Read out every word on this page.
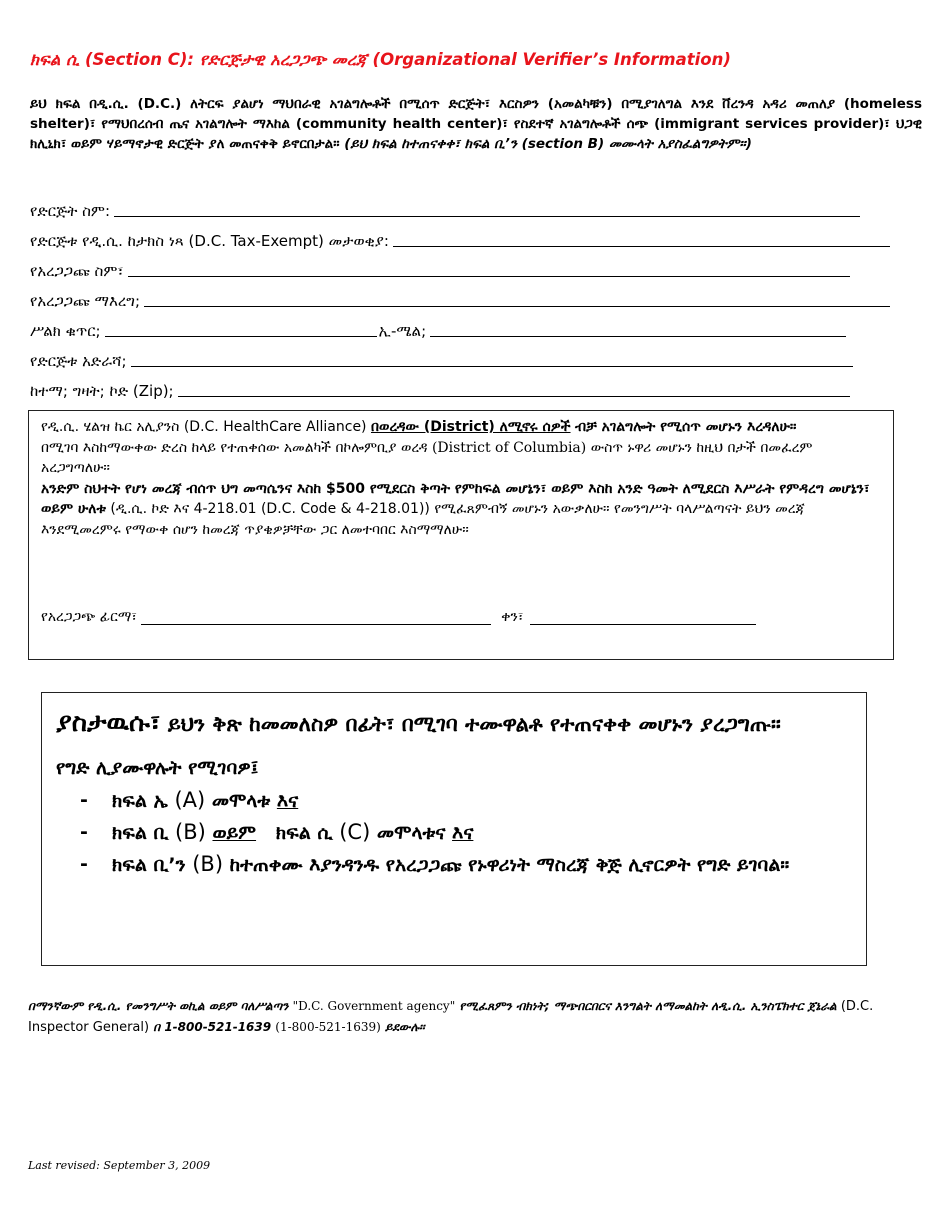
ክፍል ሲ (Section C): የድርጅታዊ አረጋጋጭ መረጃ (Organizational Verifier’s Information)
ይህ ክፍል በዲ.ሲ. (D.C.) ለትርፍ ያልሆነ ማህበራዊ አገልግሎቶች በሚሰጥ ድርጅት፣ እርስዎን (አመልካቹን) በሚያገለግል እንደ ቨረንዳ አዳሪ መጠለያ (homeless shelter)፣ የማህበረሰብ ጤና አገልግሎት ማእከል (community health center)፣ የስደተኛ አገልግሎቶች ሰጭ (immigrant services provider)፣ ህጋዊ ክሊኒክ፣ ወይም ሃይማኖታዊ ድርጅት ያለ መጠናቀቅ ይኖርበታል። (ይህ ክፍል ከተጠናቀቀ፣ ክፍል ቢ’ን (section B) መሙላት አያስፈልግዎትም።)
የድርጅት ስም:
የድርጅቱ የዲ.ሲ. ከታክስ ነጻ (D.C. Tax-Exempt) መታወቂያ:
የአረጋጋጩ ስም፣
የአረጋጋጩ ማእረግ;
ሥልክ ቁጥር;	ኢ-ሜል;
የድርጅቱ አድራሻ;
ከተማ; ግዛት; ኮድ (Zip);

የዲ.ሲ. ሄልዝ ኬር አሊያንስ (D.C. HealthCare Alliance) በወረዳው (District) ለሚኖሩ ሰዎች ብቻ አገልግሎት የሚሰጥ መሆኑን እረዳለሁ።

በሚገባ እስከማውቀው ድረስ ከላይ የተጠቀሰው አመልካች በኮሎምቢያ ወረዳ (District of Columbia) ውስጥ ኑዋሪ መሆኑን ከዚህ በታች በመፈረም አረጋግጣለሁ።

አንድም ስህተት የሆነ መረጃ ብሰጥ ህግ መጣሴንና እስከ $500 የሚደርስ ቅጣት የምከፍል መሆኔን፣ ወይም እስከ አንድ ዓመት ለሚደርስ እሥራት የምዳረግ መሆኔን፣ ወይም ሁለቱ (ዲ.ሲ. ኮድ እና 4-218.01 (D.C. Code & 4-218.01)) የሚፈጸምብኝ መሆኑን አውቃለሁ። የመንግሥት ባላሥልጣናት ይህን መረጃ እንደሚመረምሩ የማውቀ ሰሆን ከመረጃ ጥያቄዎቻቸው ጋር ለመተባበር እስማማለሁ።

የአረጋጋጭ ፊርማ፣	ቀን፣
ያስታዉሱ፣ ይህን ቅጽ ከመመለስዎ በፊት፣ በሚገባ ተሙዋልቶ የተጠናቀቀ መሆኑን ያረጋግጡ።
የግድ ሊያሙዋሉት የሚገባዎ፤
- ክፍል ኤ (A) መሞላቱ እና
- ክፍል ቢ (B) ወይም ክፍል ሲ (C) መሞላቱና እና
- ክፍል ቢ’ን (B) ከተጠቀሙ እያንዳንዱ የአረጋጋጩ የኑዋሪነት ማስረጃ ቅጅ ሊኖርዎት የግድ ይገባል።
በማንኛውም የዲ.ሲ. የመንግሥት ወኪል ወይም ባለሥልጣን "D.C. Government agency" የሚፈጸምን ብክነት; ማጭበርበርና እንግልት ለማመልከት ለዲ.ሲ. ኢንስፔክተር ጀኔራል (D.C. Inspector General) በ 1-800-521-1639 (1-800-521-1639) ይደውሉ።
Last revised: September 3, 2009
